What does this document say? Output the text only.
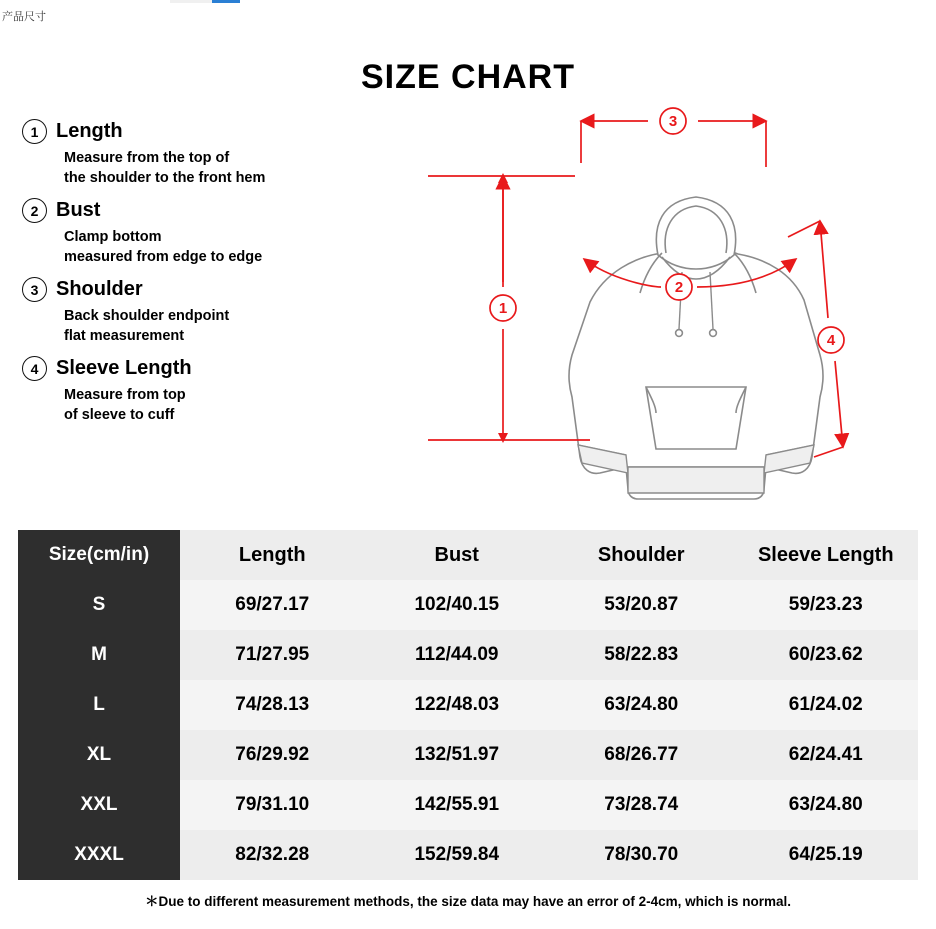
产品尺寸
SIZE CHART
1 Length
Measure from the top of
the shoulder to the front hem
2 Bust
Clamp bottom
measured from edge to edge
3 Shoulder
Back shoulder endpoint
flat measurement
4 Sleeve Length
Measure from top
of sleeve to cuff
3
1
2
4
Size(cm/in)	Length	Bust	Shoulder	Sleeve Length
S	69/27.17	102/40.15	53/20.87	59/23.23
M	71/27.95	112/44.09	58/22.83	60/23.62
L	74/28.13	122/48.03	63/24.80	61/24.02
XL	76/29.92	132/51.97	68/26.77	62/24.41
XXL	79/31.10	142/55.91	73/28.74	63/24.80
XXXL	82/32.28	152/59.84	78/30.70	64/25.19
＊Due to different measurement methods, the size data may have an error of 2-4cm, which is normal.
